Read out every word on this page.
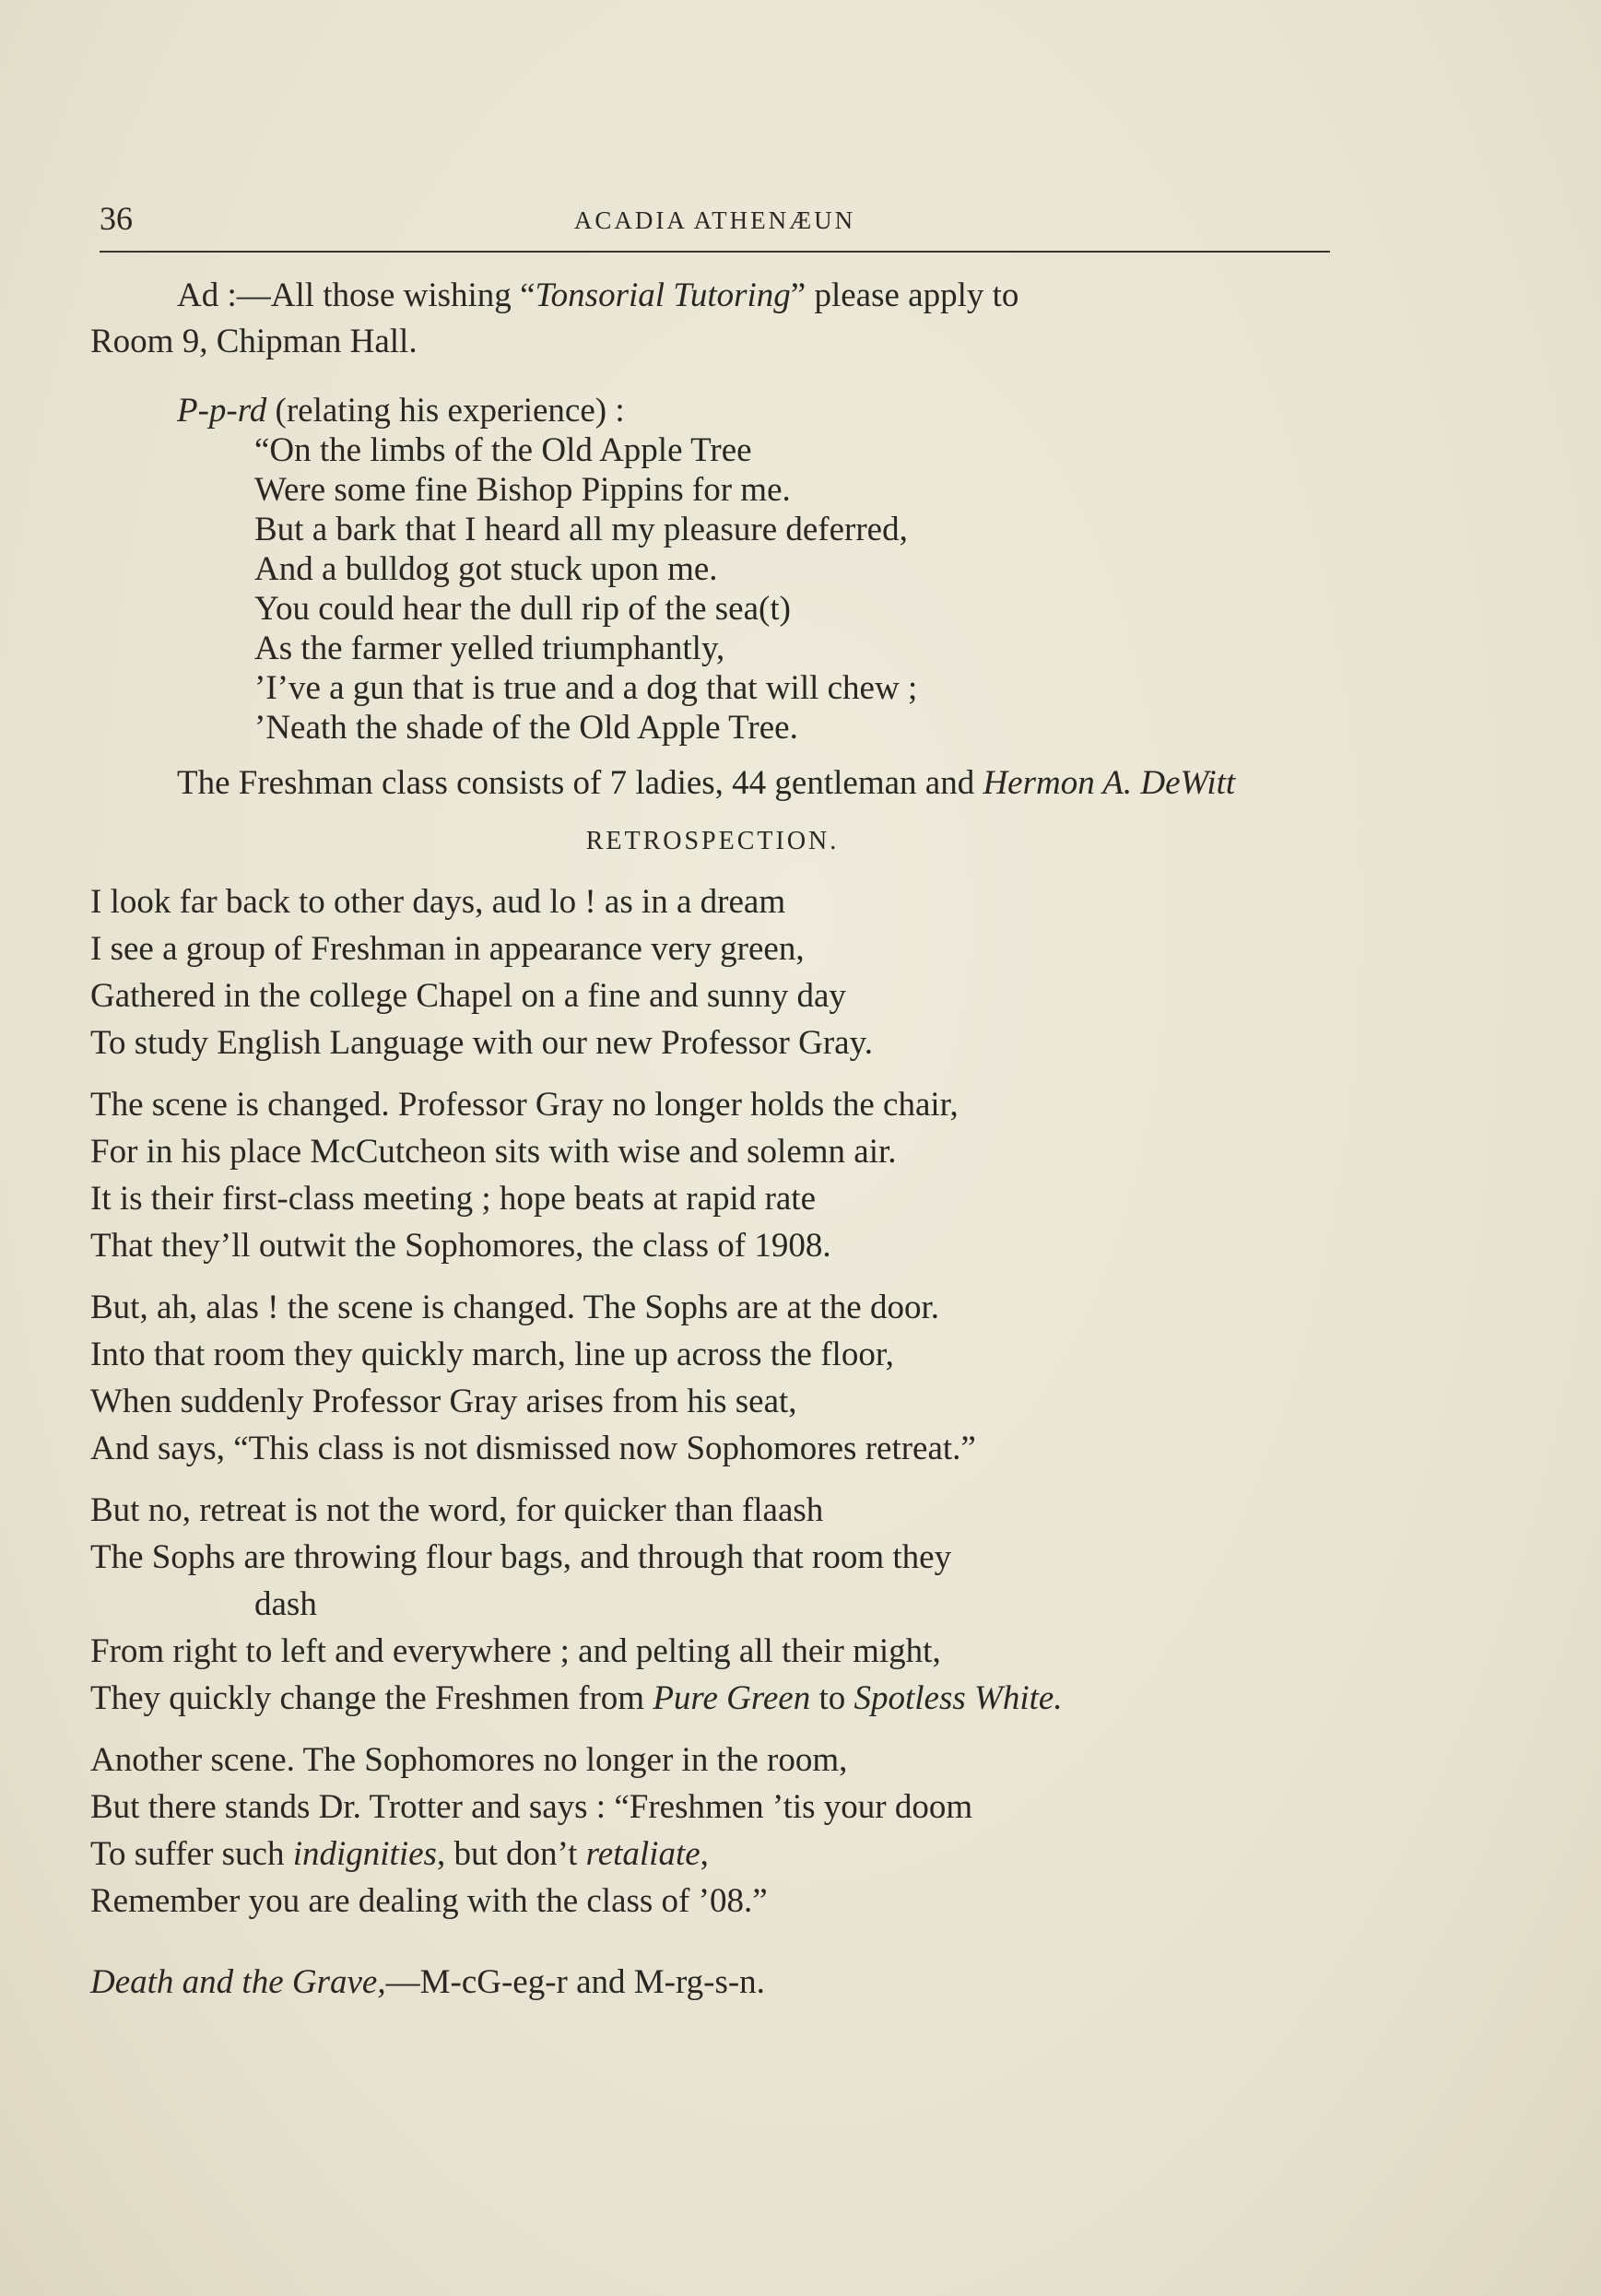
36	ACADIA ATHENÆUN

Ad :—All those wishing “Tonsorial Tutoring” please apply to
Room 9, Chipman Hall.

P-p-rd (relating his experience) :
“On the limbs of the Old Apple Tree
Were some fine Bishop Pippins for me.
But a bark that I heard all my pleasure deferred,
And a bulldog got stuck upon me.
You could hear the dull rip of the sea(t)
As the farmer yelled triumphantly,
’I’ve a gun that is true and a dog that will chew ;
’Neath the shade of the Old Apple Tree.

The Freshman class consists of 7 ladies, 44 gentleman and Hermon A. DeWitt

RETROSPECTION.
I look far back to other days, aud lo ! as in a dream
I see a group of Freshman in appearance very green,
Gathered in the college Chapel on a fine and sunny day
To study English Language with our new Professor Gray.
The scene is changed. Professor Gray no longer holds the chair,
For in his place McCutcheon sits with wise and solemn air.
It is their first-class meeting ; hope beats at rapid rate
That they’ll outwit the Sophomores, the class of 1908.
But, ah, alas ! the scene is changed. The Sophs are at the door.
Into that room they quickly march, line up across the floor,
When suddenly Professor Gray arises from his seat,
And says, “This class is not dismissed now Sophomores retreat.”
But no, retreat is not the word, for quicker than flaash
The Sophs are throwing flour bags, and through that room they
dash
From right to left and everywhere ; and pelting all their might,
They quickly change the Freshmen from Pure Green to Spotless White.
Another scene. The Sophomores no longer in the room,
But there stands Dr. Trotter and says : “Freshmen ’tis your doom
To suffer such indignities, but don’t retaliate,
Remember you are dealing with the class of ’08.”

Death and the Grave,—M-cG-eg-r and M-rg-s-n.
